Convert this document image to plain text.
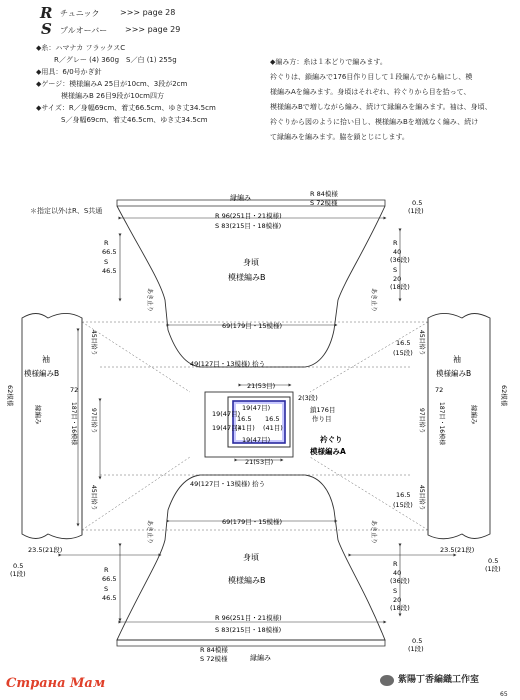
R チュニック	>>> page 28
S プルオーバー >>> page 29
◆糸：ハマナカ フラックスC
R／グレー (4) 360g　S／白 (1) 255g
◆用具：6/0号かぎ針
◆ゲージ：模様編みA 25目が10cm、3段が2cm
模様編みB 26目9段が10cm四方
◆サイズ：R／身幅69cm、着丈66.5cm、ゆき丈34.5cm
S／身幅69cm、着丈46.5cm、ゆき丈34.5cm
◆編み方：糸は１本どりで編みます。
衿ぐりは、鎖編みで176目作り目して１段編んでから輪にし、模
様編みAを編みます。身頃はそれぞれ、衿ぐりから目を拾って、
模様編みBで増しながら編み、続けて縁編みを編みます。袖は、身頃、
衿ぐりから図のように拾い目し、模様編みBを増減なく編み、続け
て縁編みを編みます。脇を鎖とじにします。
＊指定以外はR、S共通
縁編み	R 84模様
S 72模様	0.5
(1段)
R 96(251目・21模様)
S 83(215目・18模様)
R
66.5
S
46.5
R
40
(36段)
S
20
(18段)
身頃
模様編みB
あき止り	あき止り
69(179目・15模様)
49(127目・13模様) 拾う
21(53目)
19(47目)
16.5
(41目)
16.5
(41目)
19(47目)
21(53目)
2(3段)
鎖176目
作り目
衿ぐり
模様編みA
19(47目)
19(47目)
49(127目・13模様) 拾う
69(179目・15模様)
身頃
模様編みB
あき止り	あき止り
R
66.5
S
46.5
R
40
(36段)
S
20
(18段)
R 96(251目・21模様)
S 83(215目・18模様)
R 84模様
S 72模様	縁編み
0.5
(1段)
袖
模様編みB
縁編み
62模様
45目拾う
72
187目・16模様 97目拾う
45目拾う
23.5(21段)
0.5
(1段)
袖
模様編みB
縁編み
62模様
45目拾う
72
187目・16模様
97目拾う
45目拾う
16.5
(15段)
16.5
(15段)
23.5(21段)
0.5
(1段)
Страна Мам	紫陽丁香編織工作室
65
